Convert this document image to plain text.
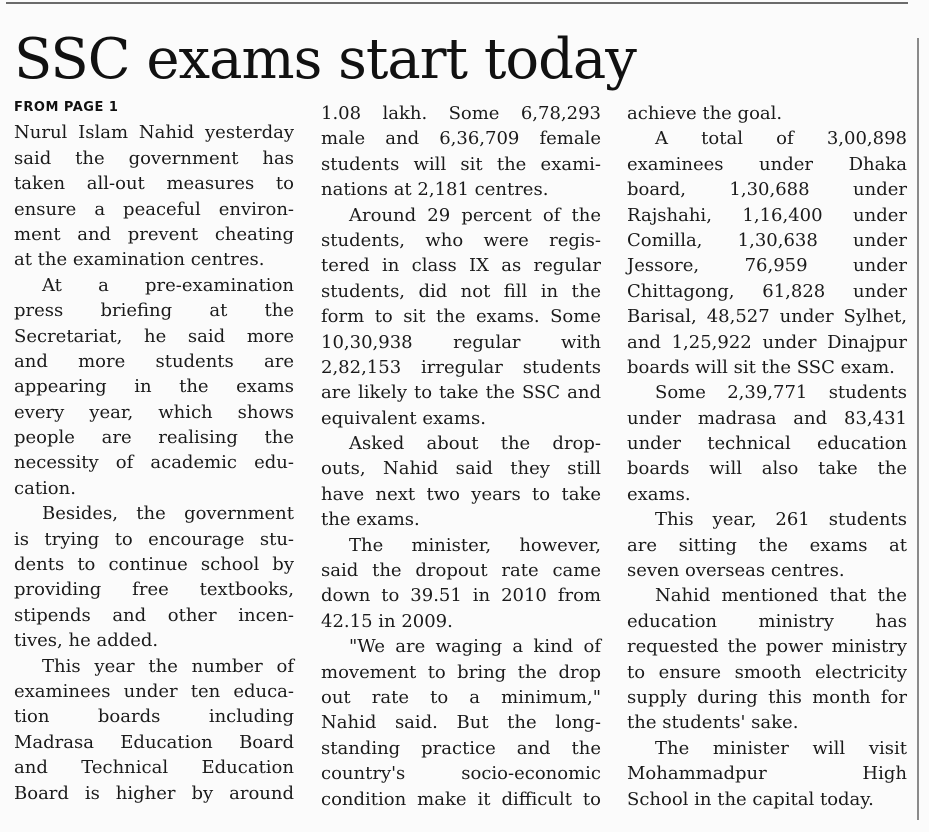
SSC exams start today
FROM PAGE 1
Nurul Islam Nahid yesterday
said the government has
taken all-out measures to
ensure a peaceful environ-
ment and prevent cheating
at the examination centres.
At a pre-examination
press briefing at the
Secretariat, he said more
and more students are
appearing in the exams
every year, which shows
people are realising the
necessity of academic edu-
cation.
Besides, the government
is trying to encourage stu-
dents to continue school by
providing free textbooks,
stipends and other incen-
tives, he added.
This year the number of
examinees under ten educa-
tion boards including
Madrasa Education Board
and Technical Education
Board is higher by around
1.08 lakh. Some 6,78,293
male and 6,36,709 female
students will sit the exami-
nations at 2,181 centres.
Around 29 percent of the
students, who were regis-
tered in class IX as regular
students, did not fill in the
form to sit the exams. Some
10,30,938 regular with
2,82,153 irregular students
are likely to take the SSC and
equivalent exams.
Asked about the drop-
outs, Nahid said they still
have next two years to take
the exams.
The minister, however,
said the dropout rate came
down to 39.51 in 2010 from
42.15 in 2009.
"We are waging a kind of
movement to bring the drop
out rate to a minimum,"
Nahid said. But the long-
standing practice and the
country's socio-economic
condition make it difficult to
achieve the goal.
A total of 3,00,898
examinees under Dhaka
board, 1,30,688 under
Rajshahi, 1,16,400 under
Comilla, 1,30,638 under
Jessore, 76,959 under
Chittagong, 61,828 under
Barisal, 48,527 under Sylhet,
and 1,25,922 under Dinajpur
boards will sit the SSC exam.
Some 2,39,771 students
under madrasa and 83,431
under technical education
boards will also take the
exams.
This year, 261 students
are sitting the exams at
seven overseas centres.
Nahid mentioned that the
education ministry has
requested the power ministry
to ensure smooth electricity
supply during this month for
the students' sake.
The minister will visit
Mohammadpur High
School in the capital today.
